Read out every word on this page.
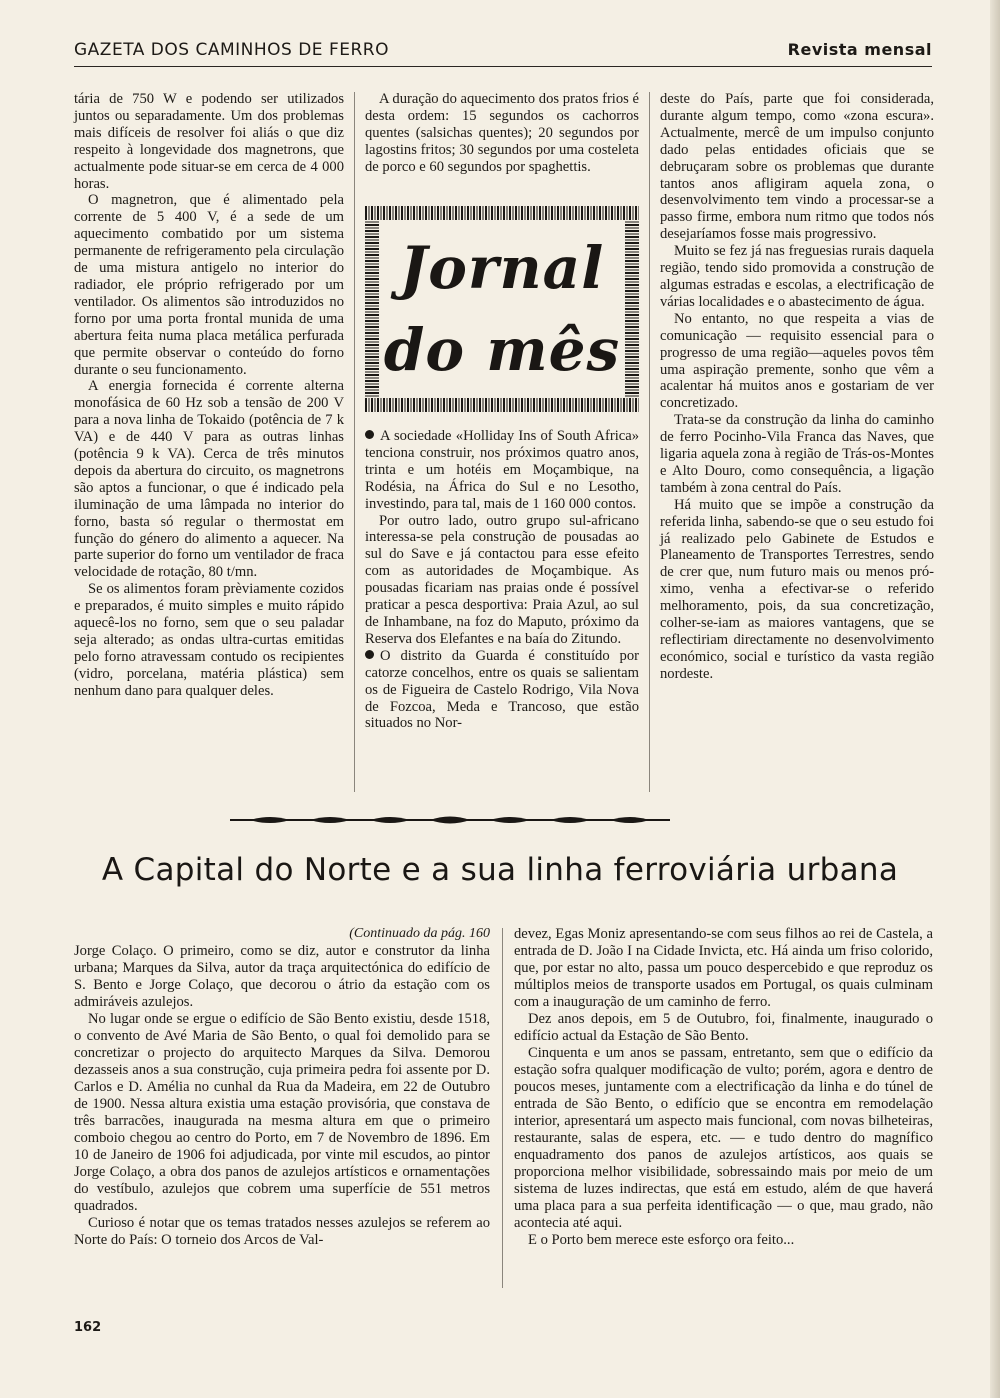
GAZETA DOS CAMINHOS DE FERRO	Revista mensal

tária de 750 W e podendo ser utilizados juntos ou separadamente. Um dos problemas mais difíceis de resolver foi aliás o que diz respeito à longevidade dos magnetrons, que actualmente pode situar-se em cerca de 4 000 horas.

O magnetron, que é alimentado pela corrente de 5 400 V, é a sede de um aquecimento combatido por um sistema permanente de refrigeramento pela circulação de uma mistura antigelo no interior do radiador, ele próprio refrigerado por um ventilador. Os alimentos são introduzidos no forno por uma porta frontal munida de uma abertura feita numa placa metálica perfurada que permite observar o conteúdo do forno durante o seu funcionamento.

A energia fornecida é corrente alterna monofásica de 60 Hz sob a tensão de 200 V para a nova linha de Tokaido (potência de 7 k VA) e de 440 V para as outras linhas (potência 9 k VA). Cerca de três minutos depois da abertura do circuito, os magnetrons são aptos a funcionar, o que é indicado pela iluminação de uma lâmpada no interior do forno, basta só regular o thermostat em função do género do alimento a aquecer. Na parte superior do forno um ventilador de fraca velocidade de rotação, 80 t/mn.

Se os alimentos foram prèviamente cozidos e preparados, é muito simples e muito rápido aquecê-los no forno, sem que o seu paladar seja alterado; as ondas ultra-curtas emitidas pelo forno atravessam contudo os recipientes (vidro, porcelana, matéria plástica) sem nenhum dano para qualquer deles.

A duração do aquecimento dos pratos frios é desta ordem: 15 segundos os cachorros quentes (salsichas quentes); 20 segundos por lagostins fritos; 30 segundos por uma costeleta de porco e 60 segundos por spaghettis.

Jornal
do mês

A sociedade «Holliday Ins of South Africa» tenciona construir, nos próximos quatro anos, trinta e um hotéis em Moçambique, na Rodésia, na África do Sul e no Lesotho, investindo, para tal, mais de 1 160 000 contos.

Por outro lado, outro grupo sul-africano interessa-se pela construção de pousadas ao sul do Save e já contactou para esse efeito com as autoridades de Moçambique. As pousadas ficariam nas praias onde é possível praticar a pesca desportiva: Praia Azul, ao sul de Inhambane, na foz do Maputo, próximo da Reserva dos Elefantes e na baía do Zitundo.

O distrito da Guarda é constituído por catorze concelhos, entre os quais se salientam os de Figueira de Castelo Rodrigo, Vila Nova de Fozcoa, Meda e Trancoso, que estão situados no Nor-

deste do País, parte que foi considerada, durante algum tempo, como «zona escura». Actualmente, mercê de um impulso conjunto dado pelas entidades oficiais que se debruçaram sobre os problemas que durante tantos anos afligiram aquela zona, o desenvolvimento tem vindo a processar-se a passo firme, embora num ritmo que todos nós desejaríamos fosse mais progressivo.

Muito se fez já nas freguesias rurais daquela região, tendo sido promovida a construção de algumas estradas e escolas, a electrificação de várias localidades e o abastecimento de água.

No entanto, no que respeita a vias de comunicação — requisito essencial para o progresso de uma região—aqueles povos têm uma aspiração premente, sonho que vêm a acalentar há muitos anos e gostariam de ver concretizado.

Trata-se da construção da linha do caminho de ferro Pocinho-Vila Franca das Naves, que ligaria aquela zona à região de Trás-os-Montes e Alto Douro, como consequência, a ligação também à zona central do País.

Há muito que se impõe a construção da referida linha, sabendo-se que o seu estudo foi já realizado pelo Gabinete de Estudos e Planeamento de Transportes Terrestres, sendo de crer que, num futuro mais ou menos próximo, venha a efectivar-se o referido melhoramento, pois, da sua concretização, colher-se-iam as maiores vantagens, que se reflectiriam directamente no desenvolvimento económico, social e turístico da vasta região nordeste.

A Capital do Norte e a sua linha ferroviária urbana
(Continuado da pág. 160

Jorge Colaço. O primeiro, como se diz, autor e construtor da linha urbana; Marques da Silva, autor da traça arquitectónica do edifício de S. Bento e Jorge Colaço, que decorou o átrio da estação com os admiráveis azulejos.

No lugar onde se ergue o edifício de São Bento existiu, desde 1518, o convento de Avé Maria de São Bento, o qual foi demolido para se concretizar o projecto do arquitecto Marques da Silva. Demorou dezasseis anos a sua construção, cuja primeira pedra foi assente por D. Carlos e D. Amélia no cunhal da Rua da Madeira, em 22 de Outubro de 1900. Nessa altura existia uma estação provisória, que constava de três barracões, inaugurada na mesma altura em que o primeiro comboio chegou ao centro do Porto, em 7 de Novembro de 1896. Em 10 de Janeiro de 1906 foi adjudicada, por vinte mil escudos, ao pintor Jorge Colaço, a obra dos panos de azulejos artísticos e ornamentações do vestíbulo, azulejos que cobrem uma superfície de 551 metros quadrados.

Curioso é notar que os temas tratados nesses azulejos se referem ao Norte do País: O torneio dos Arcos de Val-

devez, Egas Moniz apresentando-se com seus filhos ao rei de Castela, a entrada de D. João I na Cidade Invicta, etc. Há ainda um friso colorido, que, por estar no alto, passa um pouco despercebido e que reproduz os múltiplos meios de transporte usados em Portugal, os quais culminam com a inauguração de um caminho de ferro.

Dez anos depois, em 5 de Outubro, foi, finalmente, inaugurado o edifício actual da Estação de São Bento.

Cinquenta e um anos se passam, entretanto, sem que o edifício da estação sofra qualquer modificação de vulto; porém, agora e dentro de poucos meses, juntamente com a electrificação da linha e do túnel de entrada de São Bento, o edifício que se encontra em remodelação interior, apresentará um aspecto mais funcional, com novas bilheteiras, restaurante, salas de espera, etc. — e tudo dentro do magnífico enquadramento dos panos de azulejos artísticos, aos quais se proporciona melhor visibilidade, sobressaindo mais por meio de um sistema de luzes indirectas, que está em estudo, além de que haverá uma placa para a sua perfeita identificação — o que, mau grado, não acontecia até aqui.

E o Porto bem merece este esforço ora feito...

162
